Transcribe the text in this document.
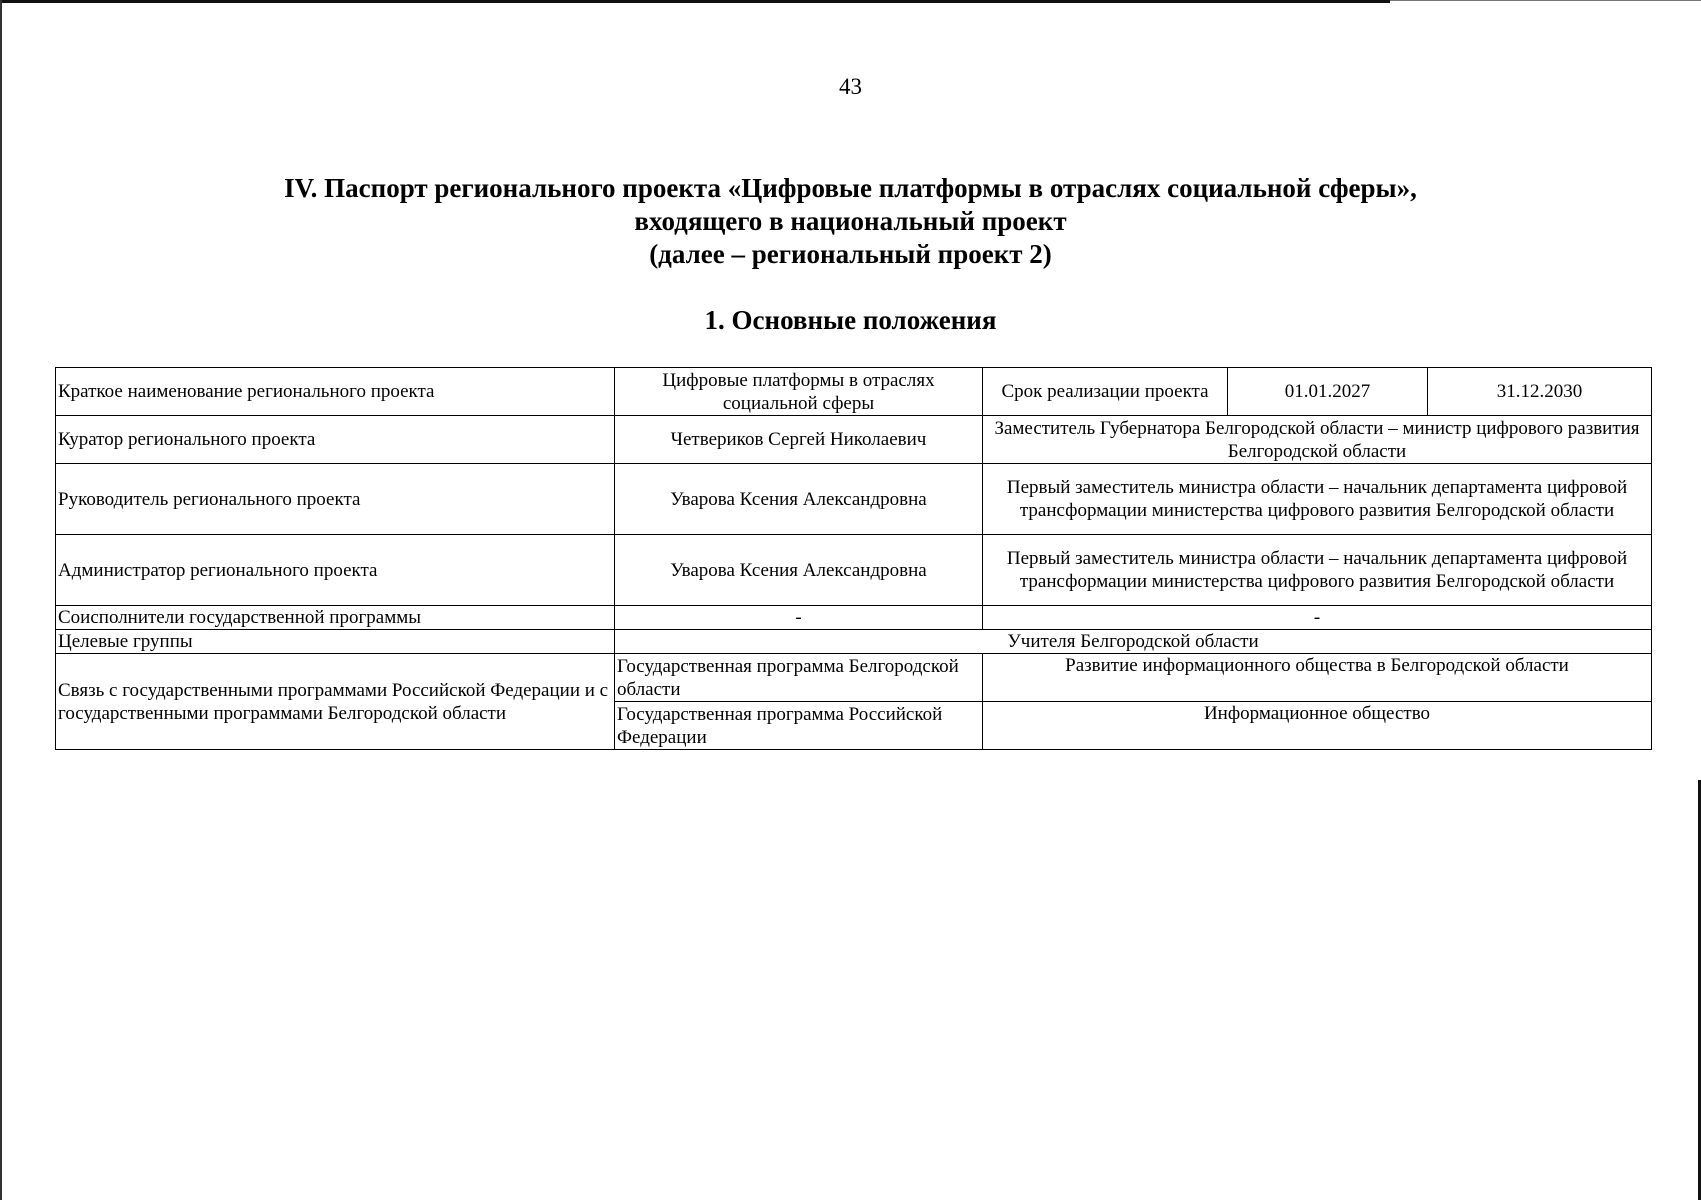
43
IV. Паспорт регионального проекта «Цифровые платформы в отраслях социальной сферы»,
входящего в национальный проект
(далее – региональный проект 2)
1. Основные положения
Краткое наименование регионального проекта	Цифровые платформы в отраслях социальной сферы	Срок реализации проекта	01.01.2027	31.12.2030
Куратор регионального проекта	Четвериков Сергей Николаевич	Заместитель Губернатора Белгородской области – министр цифрового развития Белгородской области		
Руководитель регионального проекта	Уварова Ксения Александровна	Первый заместитель министра области – начальник департамента цифровой трансформации министерства цифрового развития Белгородской области		
Администратор регионального проекта	Уварова Ксения Александровна	Первый заместитель министра области – начальник департамента цифровой трансформации министерства цифрового развития Белгородской области		
Соисполнители государственной программы	-	-		
Целевые группы	Учителя Белгородской области			
Связь с государственными программами Российской Федерации и с государственными программами Белгородской области	Государственная программа Белгородской области	Развитие информационного общества в Белгородской области		
	Государственная программа Российской Федерации	Информационное общество		
